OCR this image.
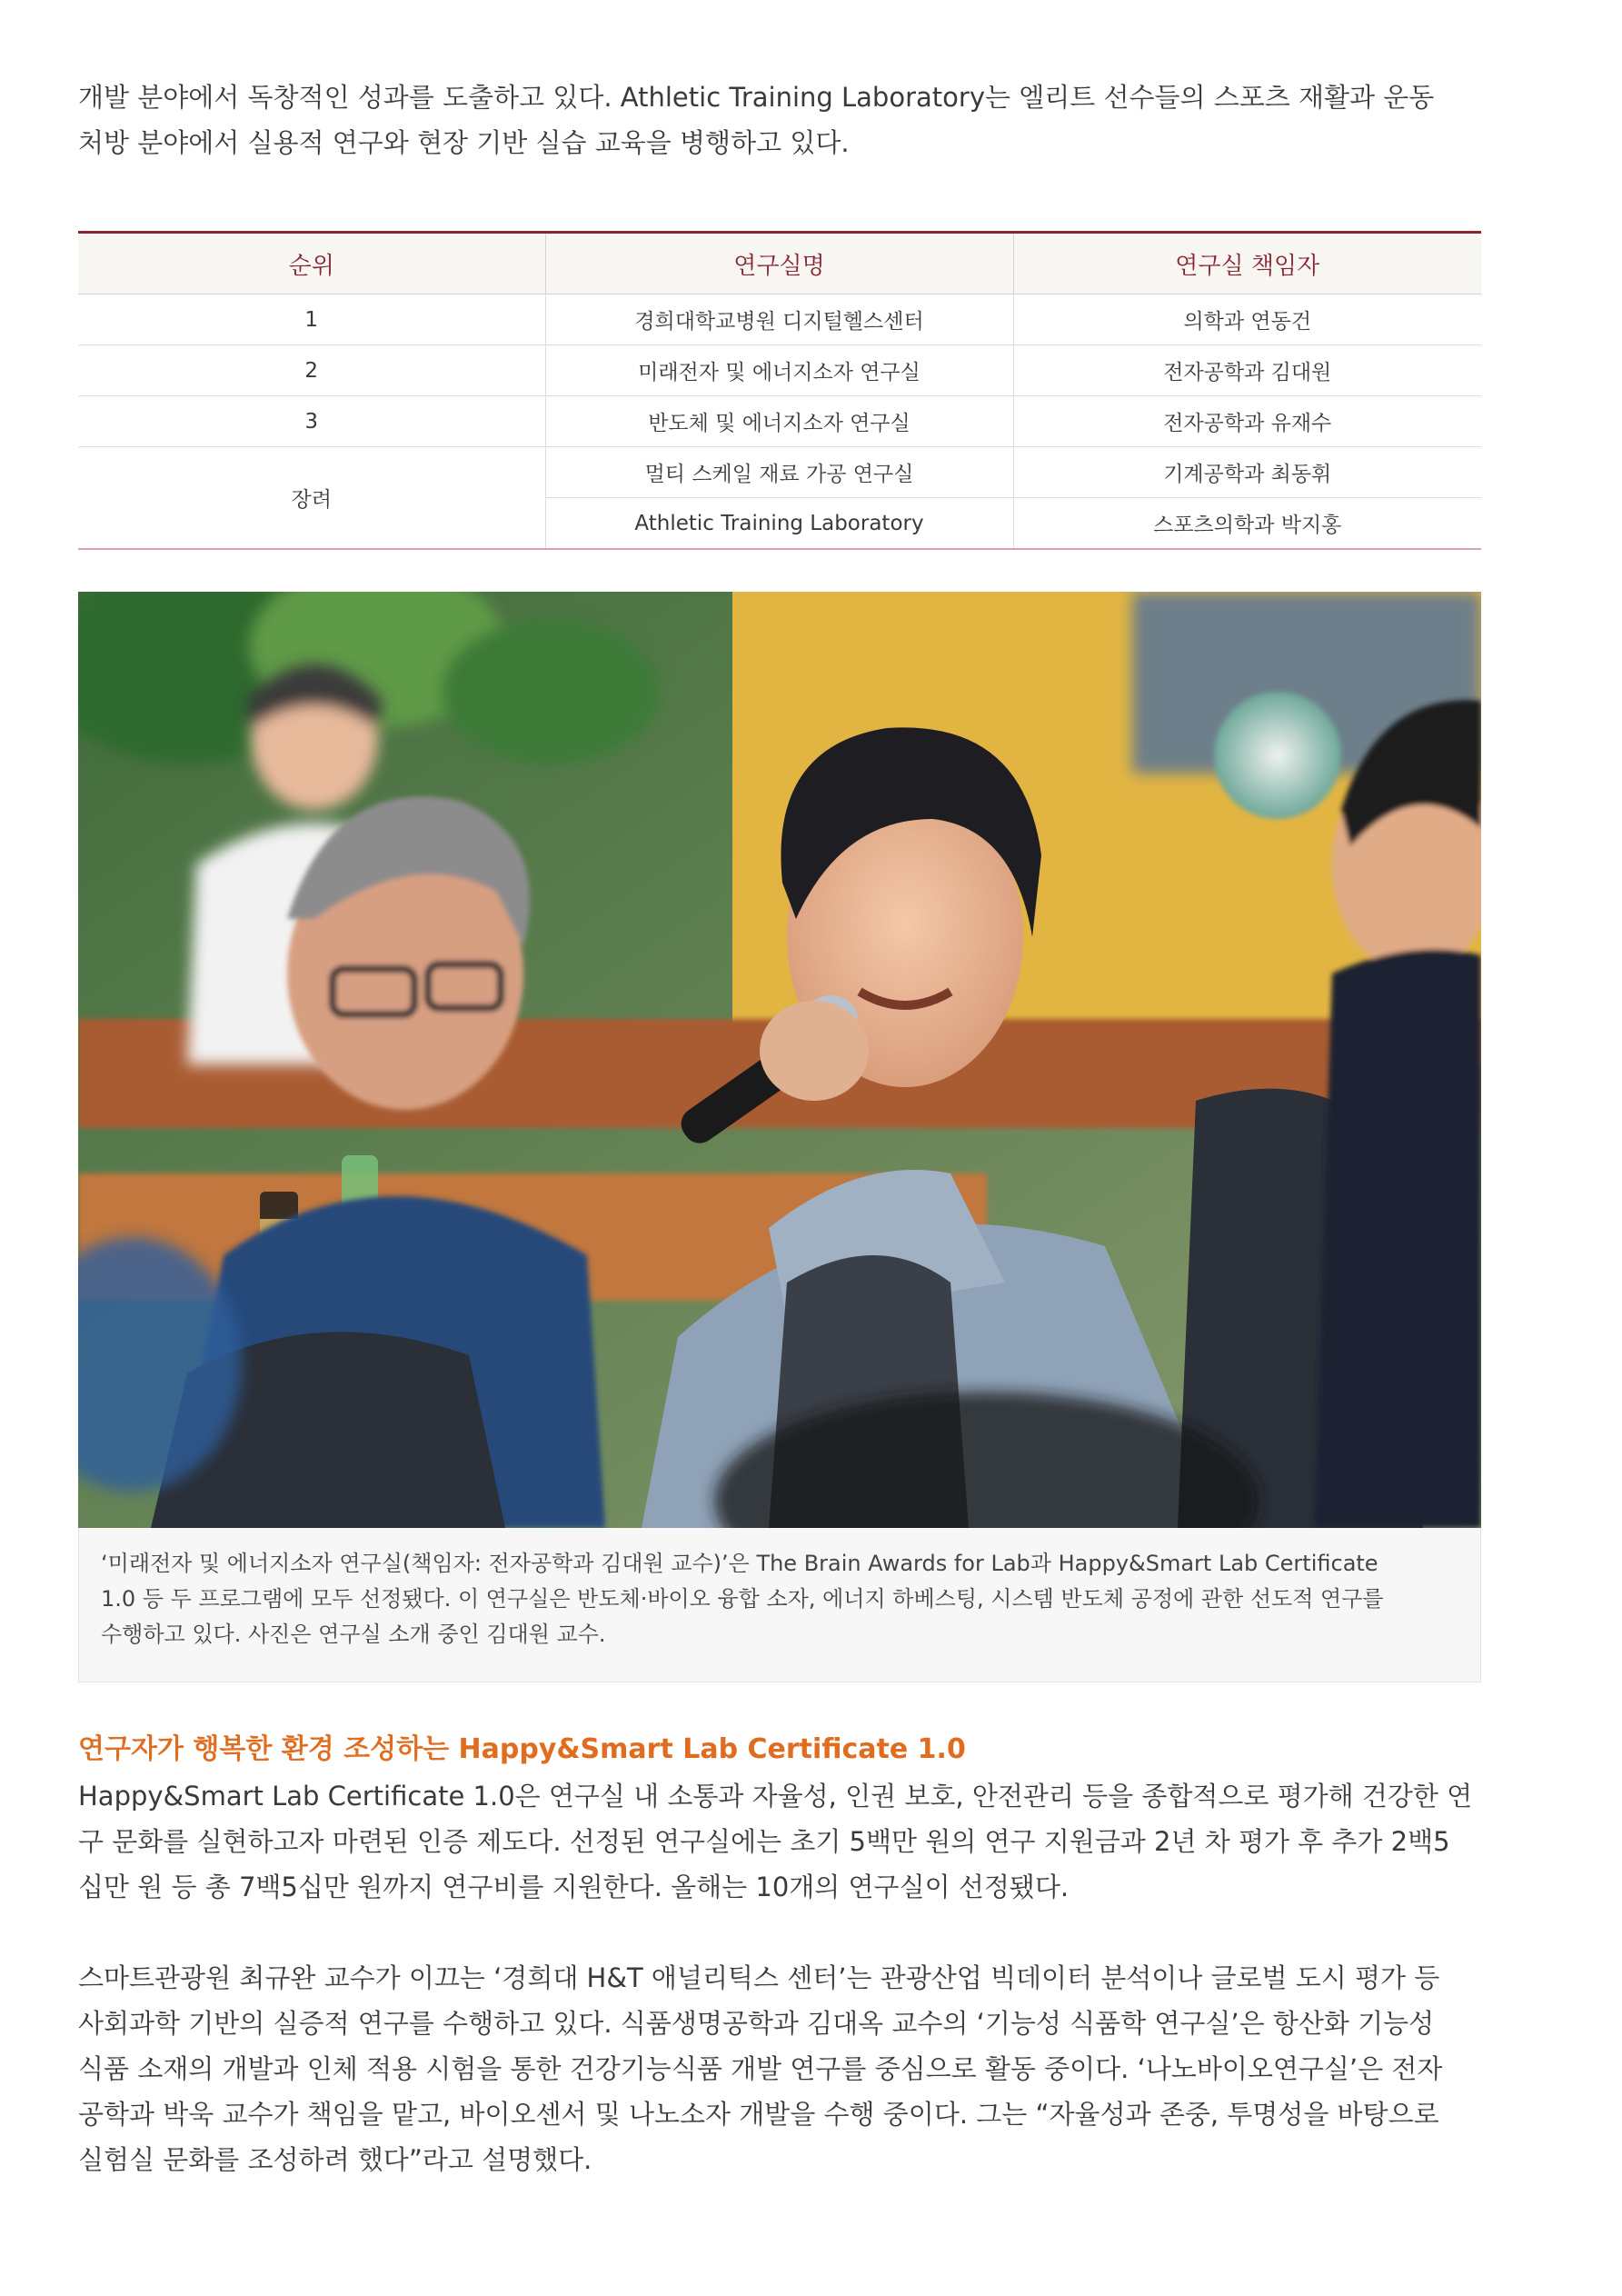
개발 분야에서 독창적인 성과를 도출하고 있다. Athletic Training Laboratory는 엘리트 선수들의 스포츠 재활과 운동

처방 분야에서 실용적 연구와 현장 기반 실습 교육을 병행하고 있다.

순위	연구실명	연구실 책임자
1	경희대학교병원 디지털헬스센터	의학과 연동건
2	미래전자 및 에너지소자 연구실	전자공학과 김대원
3	반도체 및 에너지소자 연구실	전자공학과 유재수
장려	멀티 스케일 재료 가공 연구실	기계공학과 최동휘
	Athletic Training Laboratory	스포츠의학과 박지홍

‘미래전자 및 에너지소자 연구실(책임자: 전자공학과 김대원 교수)’은 The Brain Awards for Lab과 Happy&Smart Lab Certificate

1.0 등 두 프로그램에 모두 선정됐다. 이 연구실은 반도체·바이오 융합 소자, 에너지 하베스팅, 시스템 반도체 공정에 관한 선도적 연구를

수행하고 있다. 사진은 연구실 소개 중인 김대원 교수.

연구자가 행복한 환경 조성하는 Happy&Smart Lab Certificate 1.0

Happy&Smart Lab Certificate 1.0은 연구실 내 소통과 자율성, 인권 보호, 안전관리 등을 종합적으로 평가해 건강한 연

구 문화를 실현하고자 마련된 인증 제도다. 선정된 연구실에는 초기 5백만 원의 연구 지원금과 2년 차 평가 후 추가 2백5

십만 원 등 총 7백5십만 원까지 연구비를 지원한다. 올해는 10개의 연구실이 선정됐다.

스마트관광원 최규완 교수가 이끄는 ‘경희대 H&T 애널리틱스 센터’는 관광산업 빅데이터 분석이나 글로벌 도시 평가 등

사회과학 기반의 실증적 연구를 수행하고 있다. 식품생명공학과 김대옥 교수의 ‘기능성 식품학 연구실’은 항산화 기능성

식품 소재의 개발과 인체 적용 시험을 통한 건강기능식품 개발 연구를 중심으로 활동 중이다. ‘나노바이오연구실’은 전자

공학과 박욱 교수가 책임을 맡고, 바이오센서 및 나노소자 개발을 수행 중이다. 그는 “자율성과 존중, 투명성을 바탕으로

실험실 문화를 조성하려 했다”라고 설명했다.
